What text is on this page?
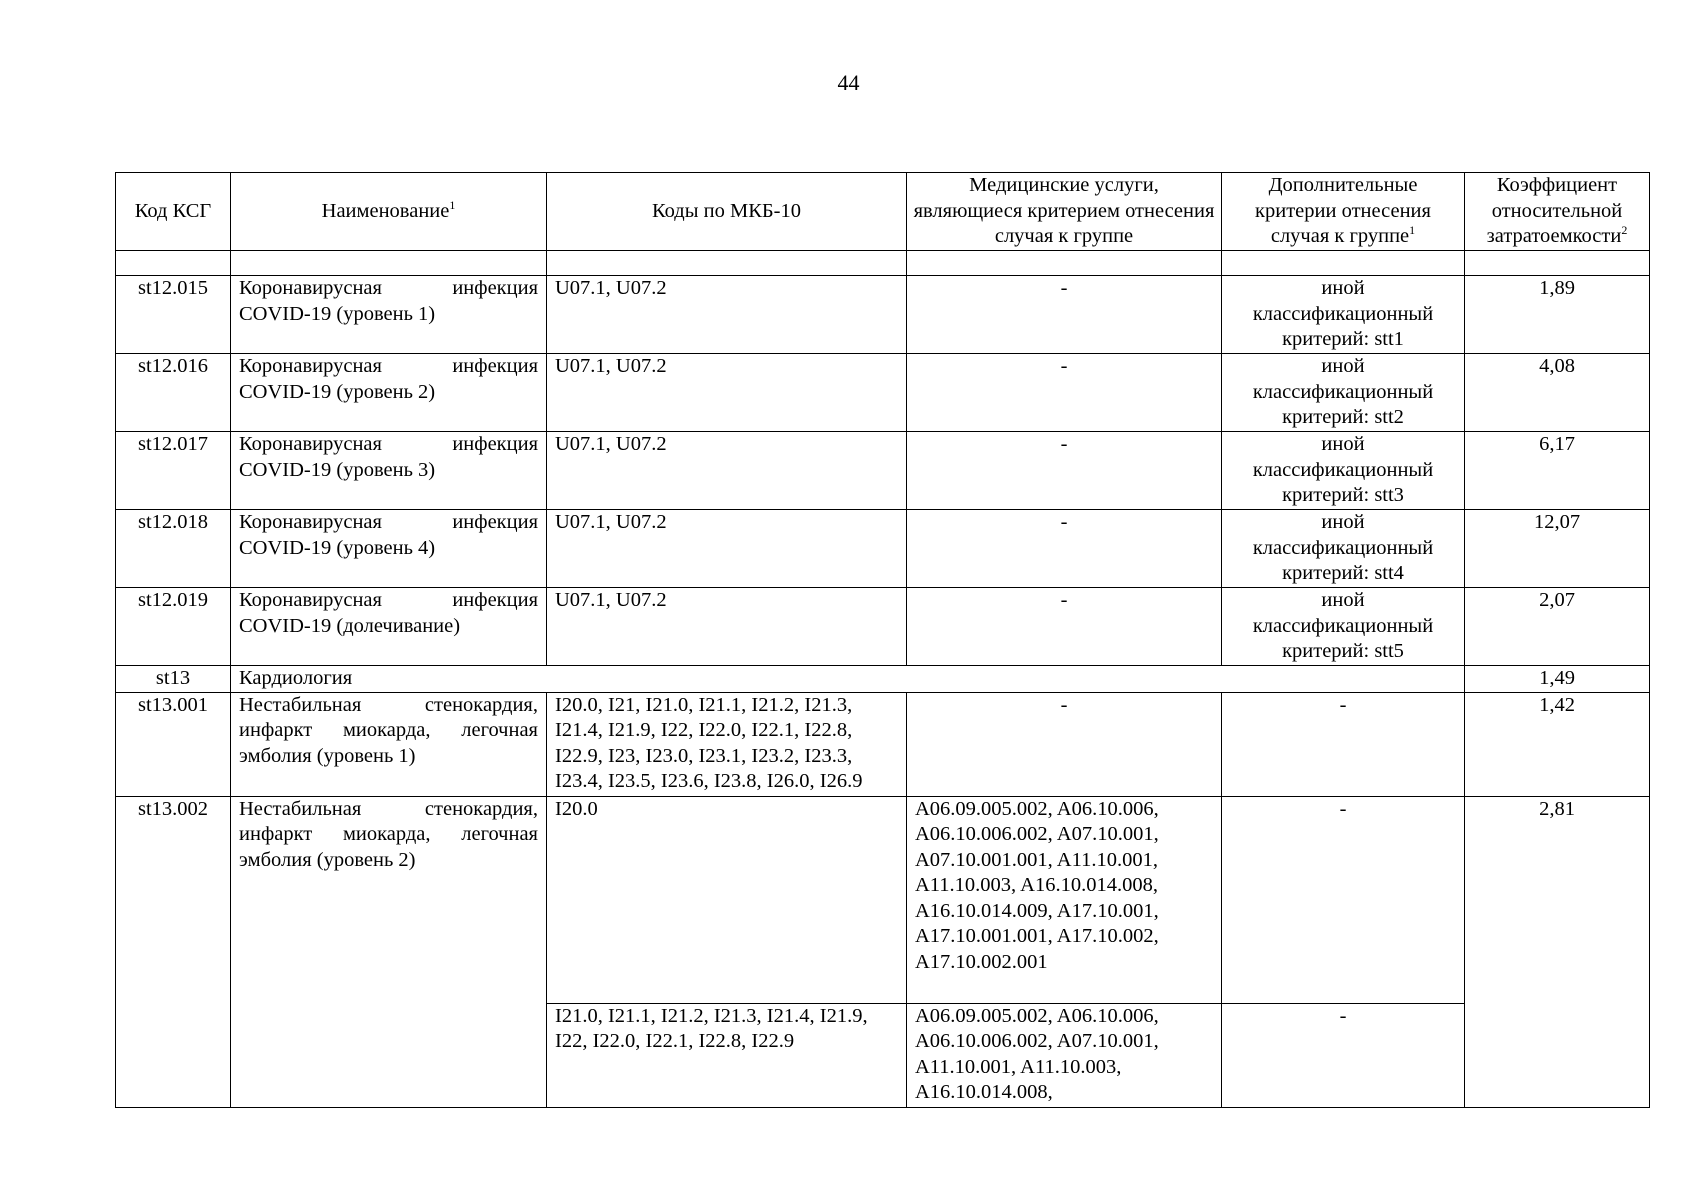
44
Код КСГ	Наименование$^1$	Коды по МКБ-10	Медицинские услуги, являющиеся критерием отнесения случая к группе	Дополнительные критерии отнесения случая к группе$^1$	Коэффициент относительной затратоемкости$^2$

st12.015	Коронавирусная инфекция COVID-19 (уровень 1)	U07.1, U07.2	-	иной классификационный критерий: stt1	1,89
st12.016	Коронавирусная инфекция COVID-19 (уровень 2)	U07.1, U07.2	-	иной классификационный критерий: stt2	4,08
st12.017	Коронавирусная инфекция COVID-19 (уровень 3)	U07.1, U07.2	-	иной классификационный критерий: stt3	6,17
st12.018	Коронавирусная инфекция COVID-19 (уровень 4)	U07.1, U07.2	-	иной классификационный критерий: stt4	12,07
st12.019	Коронавирусная инфекция COVID-19 (долечивание)	U07.1, U07.2	-	иной классификационный критерий: stt5	2,07
st13	Кардиология				1,49
st13.001	Нестабильная стенокардия, инфаркт миокарда, легочная эмболия (уровень 1)	I20.0, I21, I21.0, I21.1, I21.2, I21.3, I21.4, I21.9, I22, I22.0, I22.1, I22.8, I22.9, I23, I23.0, I23.1, I23.2, I23.3, I23.4, I23.5, I23.6, I23.8, I26.0, I26.9	-	-	1,42
st13.002	Нестабильная стенокардия, инфаркт миокарда, легочная эмболия (уровень 2)	I20.0	A06.09.005.002, A06.10.006, A06.10.006.002, A07.10.001, A07.10.001.001, A11.10.001, A11.10.003, A16.10.014.008, A16.10.014.009, A17.10.001, A17.10.001.001, A17.10.002, A17.10.002.001	-	2,81
		I21.0, I21.1, I21.2, I21.3, I21.4, I21.9, I22, I22.0, I22.1, I22.8, I22.9	A06.09.005.002, A06.10.006, A06.10.006.002, A07.10.001, A11.10.001, A11.10.003, A16.10.014.008,	-	
